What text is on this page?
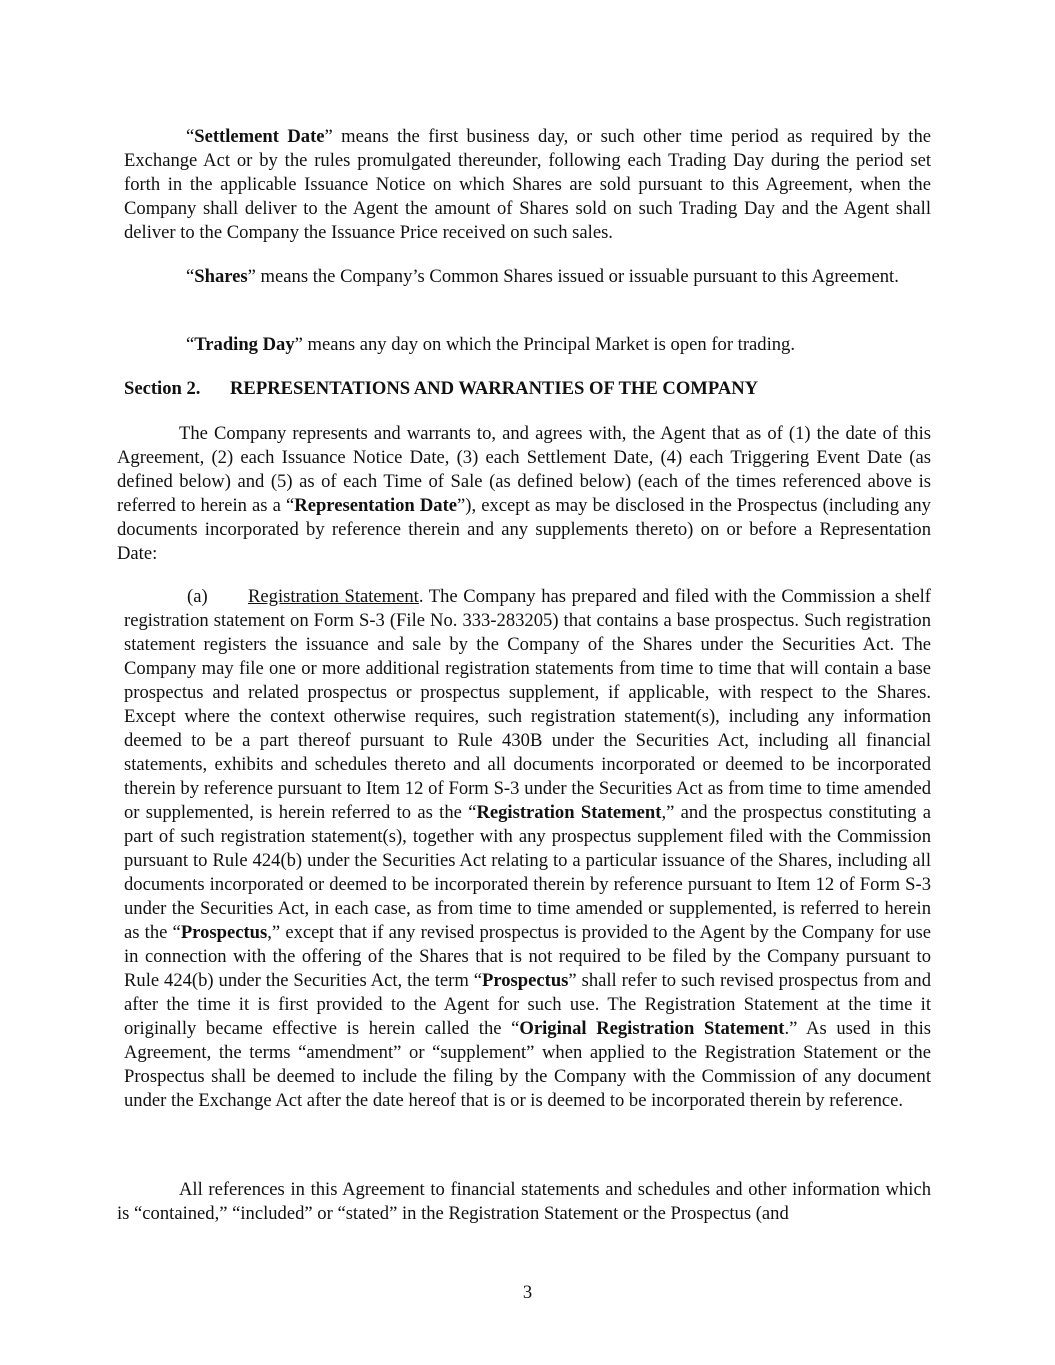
“Settlement Date” means the first business day, or such other time period as required by the Exchange Act or by the rules promulgated thereunder, following each Trading Day during the period set forth in the applicable Issuance Notice on which Shares are sold pursuant to this Agreement, when the Company shall deliver to the Agent the amount of Shares sold on such Trading Day and the Agent shall deliver to the Company the Issuance Price received on such sales.

“Shares” means the Company’s Common Shares issued or issuable pursuant to this Agreement.

“Trading Day” means any day on which the Principal Market is open for trading.

Section 2. REPRESENTATIONS AND WARRANTIES OF THE COMPANY

The Company represents and warrants to, and agrees with, the Agent that as of (1) the date of this Agreement, (2) each Issuance Notice Date, (3) each Settlement Date, (4) each Triggering Event Date (as defined below) and (5) as of each Time of Sale (as defined below) (each of the times referenced above is referred to herein as a “Representation Date”), except as may be disclosed in the Prospectus (including any documents incorporated by reference therein and any supplements thereto) on or before a Representation Date:

(a) Registration Statement. The Company has prepared and filed with the Commission a shelf registration statement on Form S-3 (File No. 333-283205) that contains a base prospectus. Such registration statement registers the issuance and sale by the Company of the Shares under the Securities Act. The Company may file one or more additional registration statements from time to time that will contain a base prospectus and related prospectus or prospectus supplement, if applicable, with respect to the Shares. Except where the context otherwise requires, such registration statement(s), including any information deemed to be a part thereof pursuant to Rule 430B under the Securities Act, including all financial statements, exhibits and schedules thereto and all documents incorporated or deemed to be incorporated therein by reference pursuant to Item 12 of Form S-3 under the Securities Act as from time to time amended or supplemented, is herein referred to as the “Registration Statement,” and the prospectus constituting a part of such registration statement(s), together with any prospectus supplement filed with the Commission pursuant to Rule 424(b) under the Securities Act relating to a particular issuance of the Shares, including all documents incorporated or deemed to be incorporated therein by reference pursuant to Item 12 of Form S-3 under the Securities Act, in each case, as from time to time amended or supplemented, is referred to herein as the “Prospectus,” except that if any revised prospectus is provided to the Agent by the Company for use in connection with the offering of the Shares that is not required to be filed by the Company pursuant to Rule 424(b) under the Securities Act, the term “Prospectus” shall refer to such revised prospectus from and after the time it is first provided to the Agent for such use. The Registration Statement at the time it originally became effective is herein called the “Original Registration Statement.” As used in this Agreement, the terms “amendment” or “supplement” when applied to the Registration Statement or the Prospectus shall be deemed to include the filing by the Company with the Commission of any document under the Exchange Act after the date hereof that is or is deemed to be incorporated therein by reference.

All references in this Agreement to financial statements and schedules and other information which is “contained,” “included” or “stated” in the Registration Statement or the Prospectus (and

3
